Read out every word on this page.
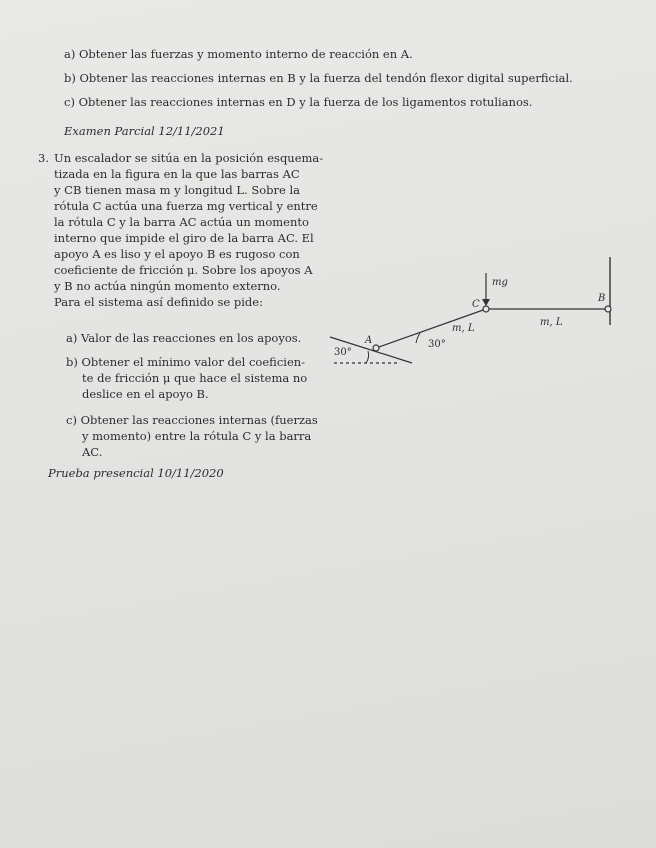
a) Obtener las fuerzas y momento interno de reacción en A.
b) Obtener las reacciones internas en B y la fuerza del tendón flexor digital superficial.
c) Obtener las reacciones internas en D y la fuerza de los ligamentos rotulianos.
Examen Parcial 12/11/2021
3. Un escalador se sitúa en la posición esquema-
tizada en la figura en la que las barras AC
y CB tienen masa m y longitud L. Sobre la
rótula C actúa una fuerza mg vertical y entre
la rótula C y la barra AC actúa un momento
interno que impide el giro de la barra AC. El
apoyo A es liso y el apoyo B es rugoso con
coeficiente de fricción μ. Sobre los apoyos A
y B no actúa ningún momento externo.
Para el sistema así definido se pide:
a) Valor de las reacciones en los apoyos.
b) Obtener el mínimo valor del coeficien-
te de fricción μ que hace el sistema no
deslice en el apoyo B.
c) Obtener las reacciones internas (fuerzas
y momento) entre la rótula C y la barra
AC.
Prueba presencial 10/11/2020
mg
C
B
A
m, L
m, L
30°
30°
